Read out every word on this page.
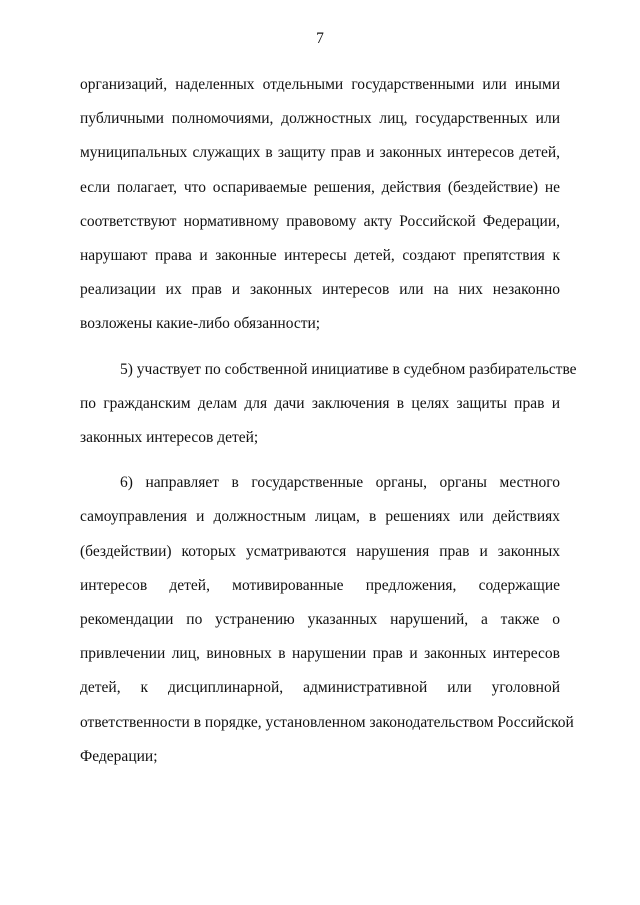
7
организаций, наделенных отдельными государственными или иными
публичными полномочиями, должностных лиц, государственных или
муниципальных служащих в защиту прав и законных интересов детей,
если полагает, что оспариваемые решения, действия (бездействие) не
соответствуют нормативному правовому акту Российской Федерации,
нарушают права и законные интересы детей, создают препятствия к
реализации их прав и законных интересов или на них незаконно
возложены какие-либо обязанности;
5) участвует по собственной инициативе в судебном разбирательстве
по гражданским делам для дачи заключения в целях защиты прав и
законных интересов детей;
6) направляет в государственные органы, органы местного
самоуправления и должностным лицам, в решениях или действиях
(бездействии) которых усматриваются нарушения прав и законных
интересов детей, мотивированные предложения, содержащие
рекомендации по устранению указанных нарушений, а также о
привлечении лиц, виновных в нарушении прав и законных интересов
детей, к дисциплинарной, административной или уголовной
ответственности в порядке, установленном законодательством Российской
Федерации;
